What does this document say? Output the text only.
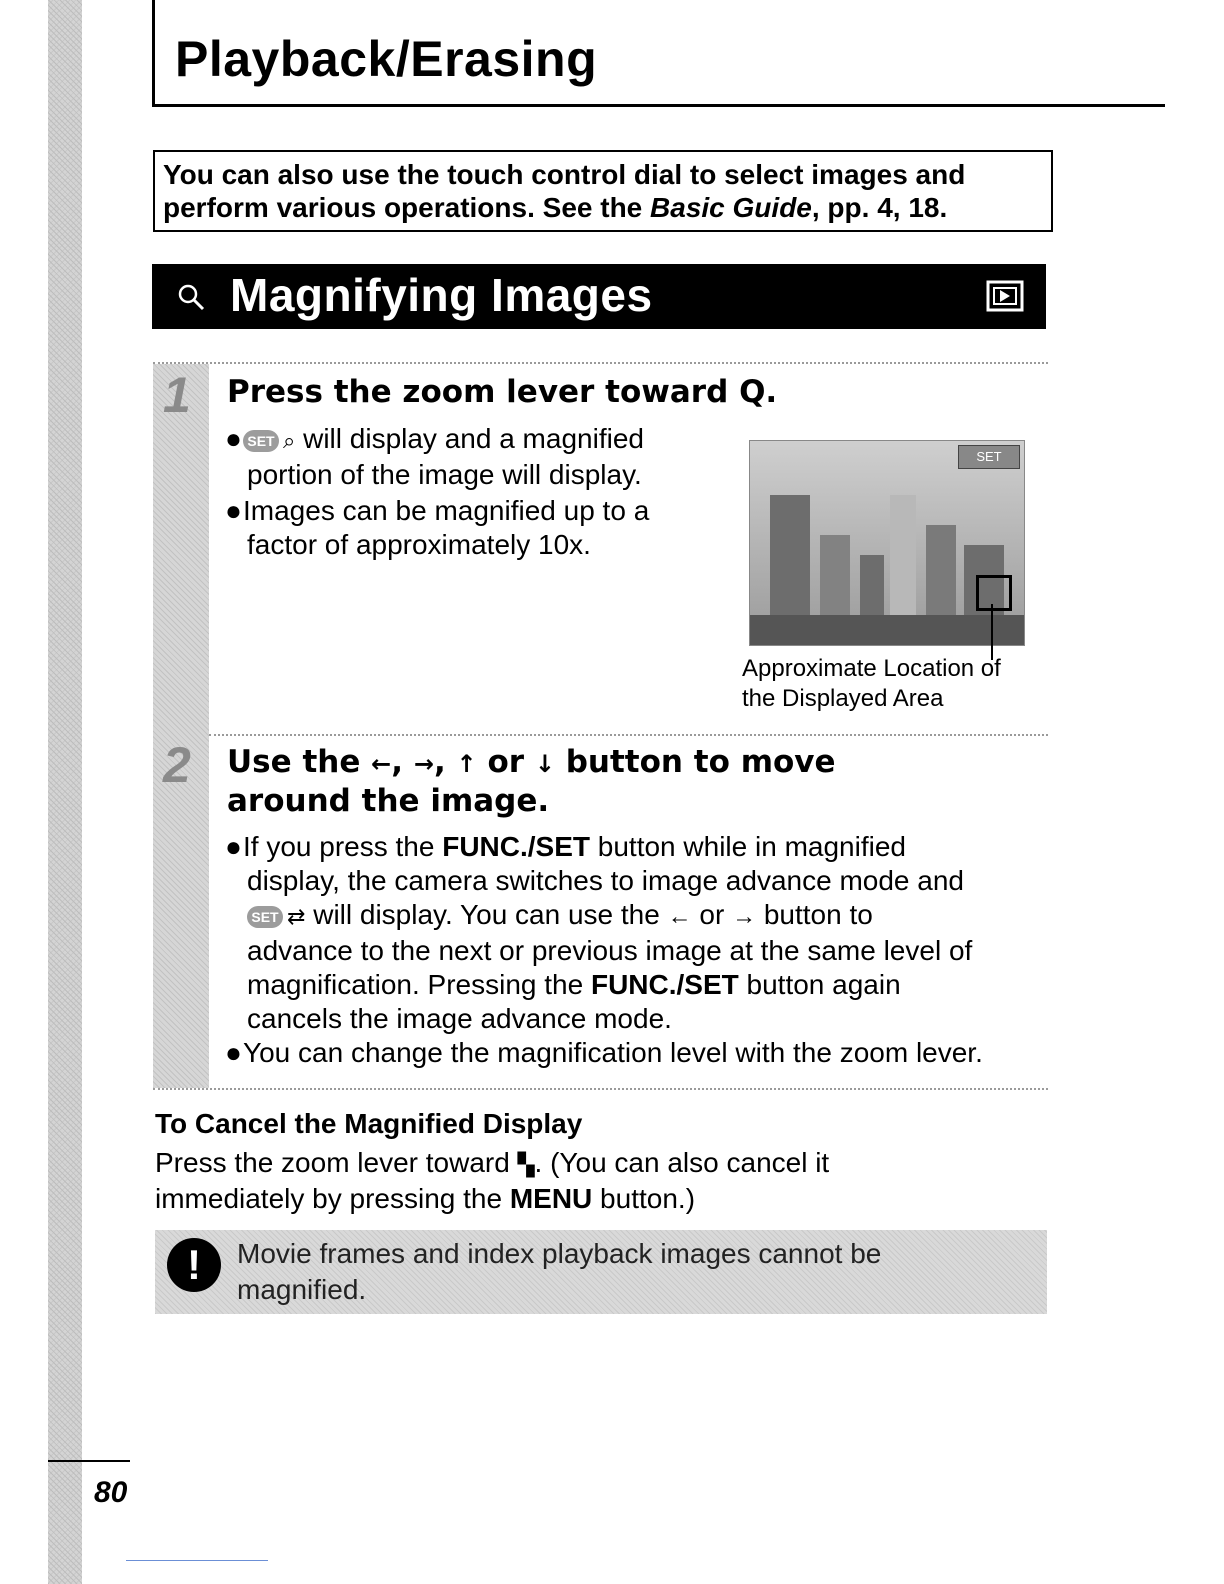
Playback/Erasing
You can also use the touch control dial to select images and
perform various operations. See the Basic Guide, pp. 4, 18.
Magnifying Images
1
2
Press the zoom lever toward Q.
● SET ⌕ will display and a magnified
portion of the image will display.
●Images can be magnified up to a
factor of approximately 10x.
Use the ←, →, ↑ or ↓ button to move
around the image.
●If you press the FUNC./SET button while in magnified
display, the camera switches to image advance mode and
SET ⇄ will display. You can use the ← or → button to
advance to the next or previous image at the same level of
magnification. Pressing the FUNC./SET button again
cancels the image advance mode.
●You can change the magnification level with the zoom lever.
SET

Approximate Location of
the Displayed Area

To Cancel the Magnified Display

Press the zoom lever toward ▚. (You can also cancel it
immediately by pressing the MENU button.)

!	Movie frames and index playback images cannot be
magnified.

80
